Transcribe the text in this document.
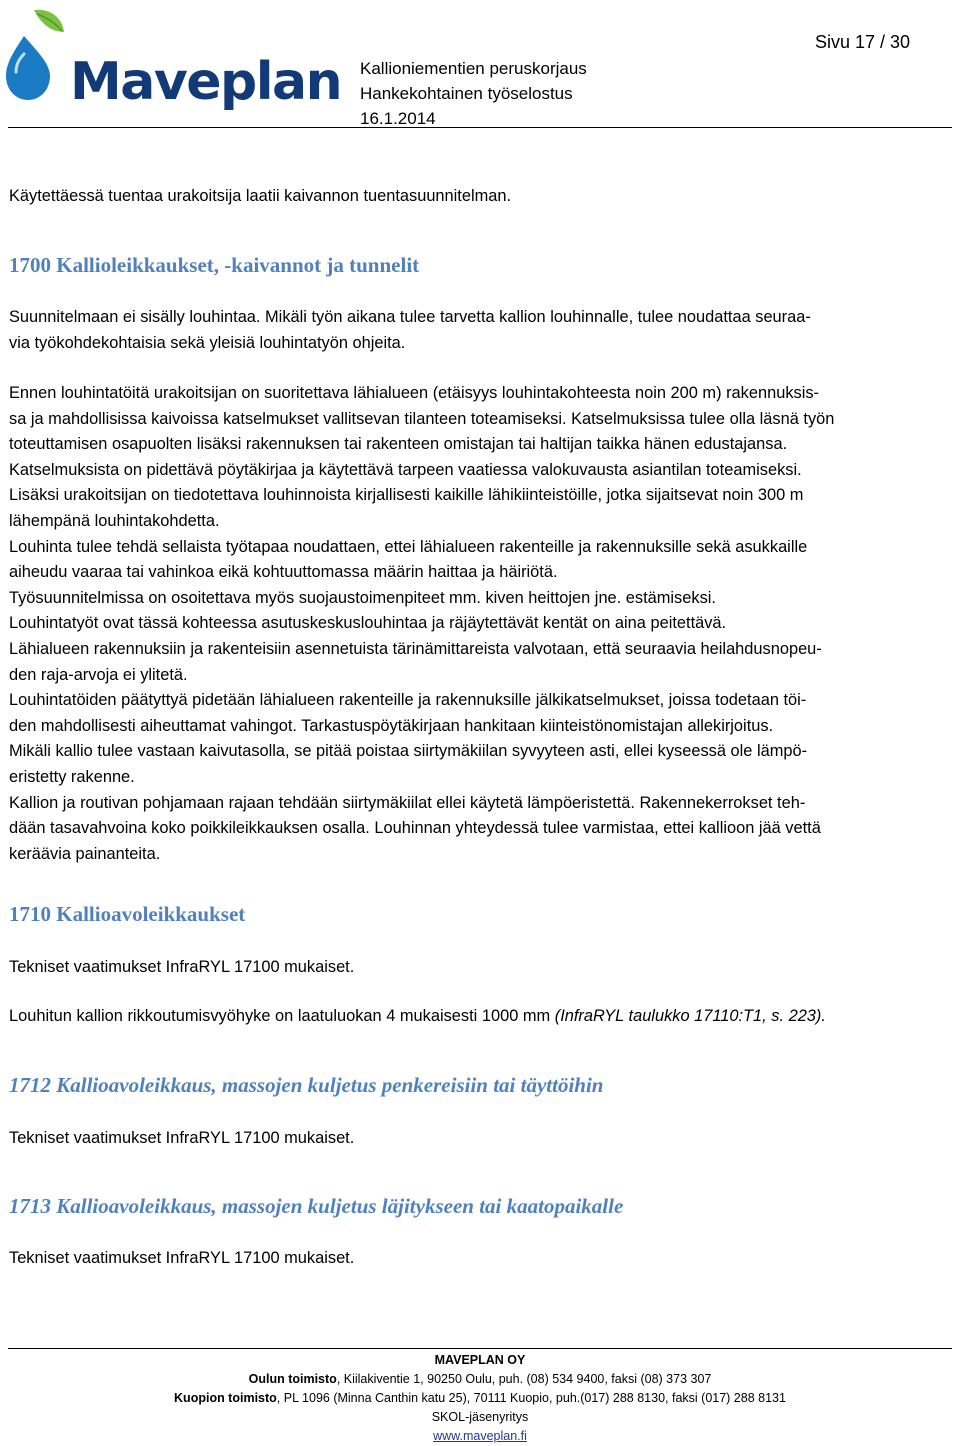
Maveplan Kallioniementien peruskorjaus
Hankekohtainen työselostus
16.1.2014
Sivu 17 / 30

Käytettäessä tuentaa urakoitsija laatii kaivannon tuentasuunnitelman.

1700 Kallioleikkaukset, -kaivannot ja tunnelit

Suunnitelmaan ei sisälly louhintaa. Mikäli työn aikana tulee tarvetta kallion louhinnalle, tulee noudattaa seuraa-
via työkohdekohtaisia sekä yleisiä louhintatyön ohjeita.

Ennen louhintatöitä urakoitsijan on suoritettava lähialueen (etäisyys louhintakohteesta noin 200 m) rakennuksis-
sa ja mahdollisissa kaivoissa katselmukset vallitsevan tilanteen toteamiseksi. Katselmuksissa tulee olla läsnä työn
toteuttamisen osapuolten lisäksi rakennuksen tai rakenteen omistajan tai haltijan taikka hänen edustajansa.
Katselmuksista on pidettävä pöytäkirjaa ja käytettävä tarpeen vaatiessa valokuvausta asiantilan toteamiseksi.
Lisäksi urakoitsijan on tiedotettava louhinnoista kirjallisesti kaikille lähikiinteistöille, jotka sijaitsevat noin 300 m
lähempänä louhintakohdetta.
Louhinta tulee tehdä sellaista työtapaa noudattaen, ettei lähialueen rakenteille ja rakennuksille sekä asukkaille
aiheudu vaaraa tai vahinkoa eikä kohtuuttomassa määrin haittaa ja häiriötä.
Työsuunnitelmissa on osoitettava myös suojaustoimenpiteet mm. kiven heittojen jne. estämiseksi.
Louhintatyöt ovat tässä kohteessa asutuskeskuslouhintaa ja räjäytettävät kentät on aina peitettävä.
Lähialueen rakennuksiin ja rakenteisiin asennetuista tärinämittareista valvotaan, että seuraavia heilahdusnopeu-
den raja-arvoja ei ylitetä.
Louhintatöiden päätyttyä pidetään lähialueen rakenteille ja rakennuksille jälkikatselmukset, joissa todetaan töi-
den mahdollisesti aiheuttamat vahingot. Tarkastuspöytäkirjaan hankitaan kiinteistönomistajan allekirjoitus.
Mikäli kallio tulee vastaan kaivutasolla, se pitää poistaa siirtymäkiilan syvyyteen asti, ellei kyseessä ole lämpö-
eristetty rakenne.
Kallion ja routivan pohjamaan rajaan tehdään siirtymäkiilat ellei käytetä lämpöeristettä. Rakennekerrokset teh-
dään tasavahvoina koko poikkileikkauksen osalla. Louhinnan yhteydessä tulee varmistaa, ettei kallioon jää vettä
keräävia painanteita.

1710 Kallioavoleikkaukset

Tekniset vaatimukset InfraRYL 17100 mukaiset.

Louhitun kallion rikkoutumisvyöhyke on laatuluokan 4 mukaisesti 1000 mm (InfraRYL taulukko 17110:T1, s. 223).

1712 Kallioavoleikkaus, massojen kuljetus penkereisiin tai täyttöihin

Tekniset vaatimukset InfraRYL 17100 mukaiset.

1713 Kallioavoleikkaus, massojen kuljetus läjitykseen tai kaatopaikalle

Tekniset vaatimukset InfraRYL 17100 mukaiset.

MAVEPLAN OY
Oulun toimisto, Kiilakiventie 1, 90250 Oulu, puh. (08) 534 9400, faksi (08) 373 307
Kuopion toimisto, PL 1096 (Minna Canthin katu 25), 70111 Kuopio, puh.(017) 288 8130, faksi (017) 288 8131
SKOL-jäsenyritys
www.maveplan.fi
